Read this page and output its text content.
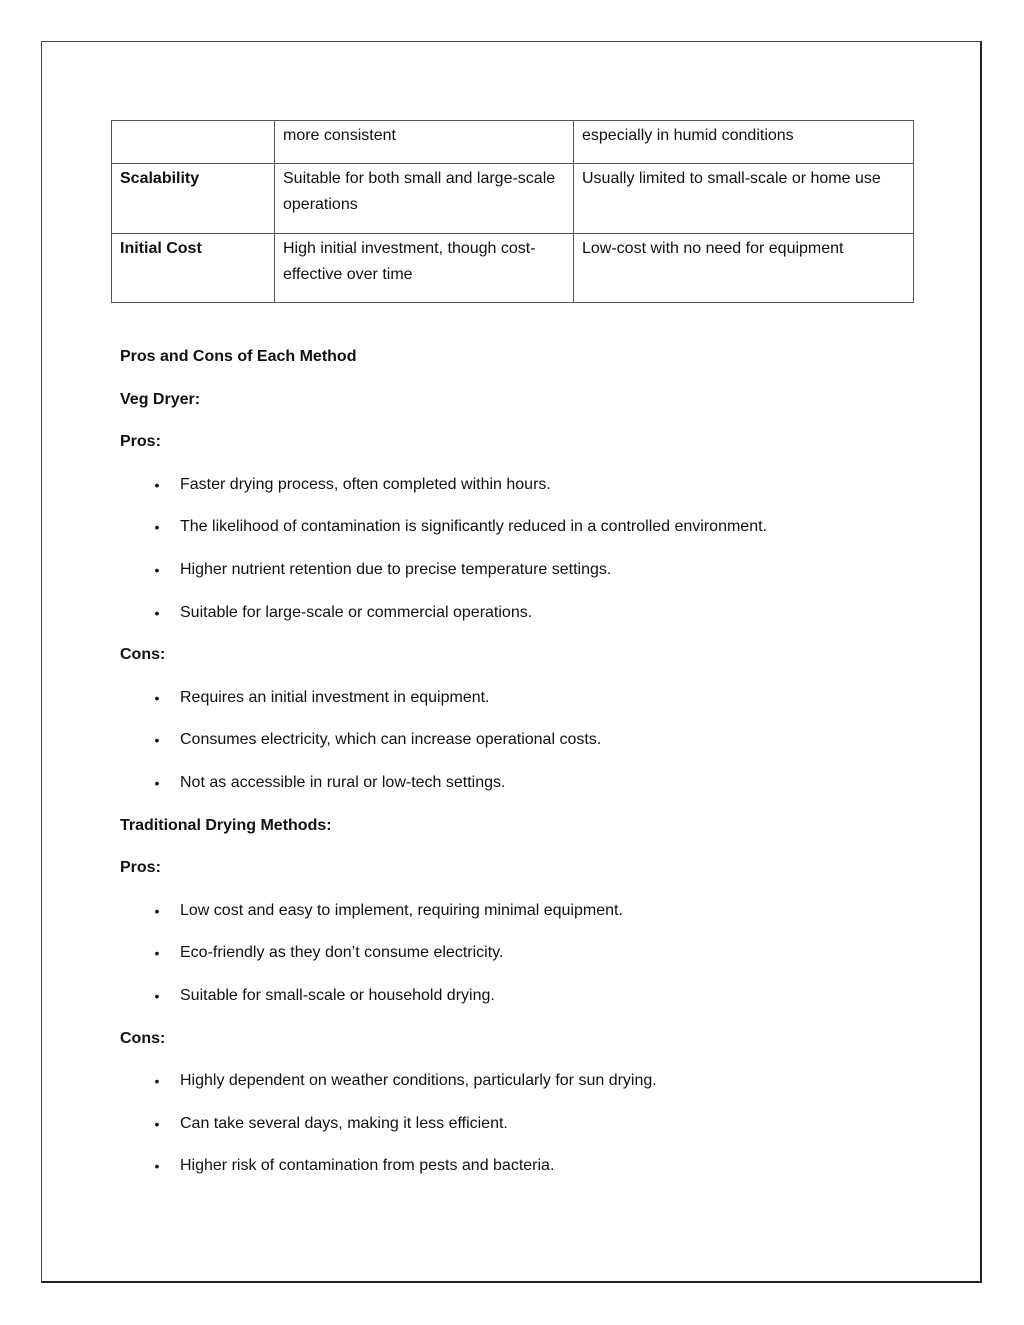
	more consistent	especially in humid conditions
Scalability	Suitable for both small and large-scale operations	Usually limited to small-scale or home use
Initial Cost	High initial investment, though cost-effective over time	Low-cost with no need for equipment

Pros and Cons of Each Method

Veg Dryer:

Pros:

• Faster drying process, often completed within hours.
• The likelihood of contamination is significantly reduced in a controlled environment.
• Higher nutrient retention due to precise temperature settings.
• Suitable for large-scale or commercial operations.

Cons:

• Requires an initial investment in equipment.
• Consumes electricity, which can increase operational costs.
• Not as accessible in rural or low-tech settings.

Traditional Drying Methods:

Pros:

• Low cost and easy to implement, requiring minimal equipment.
• Eco-friendly as they don’t consume electricity.
• Suitable for small-scale or household drying.

Cons:

• Highly dependent on weather conditions, particularly for sun drying.
• Can take several days, making it less efficient.
• Higher risk of contamination from pests and bacteria.
